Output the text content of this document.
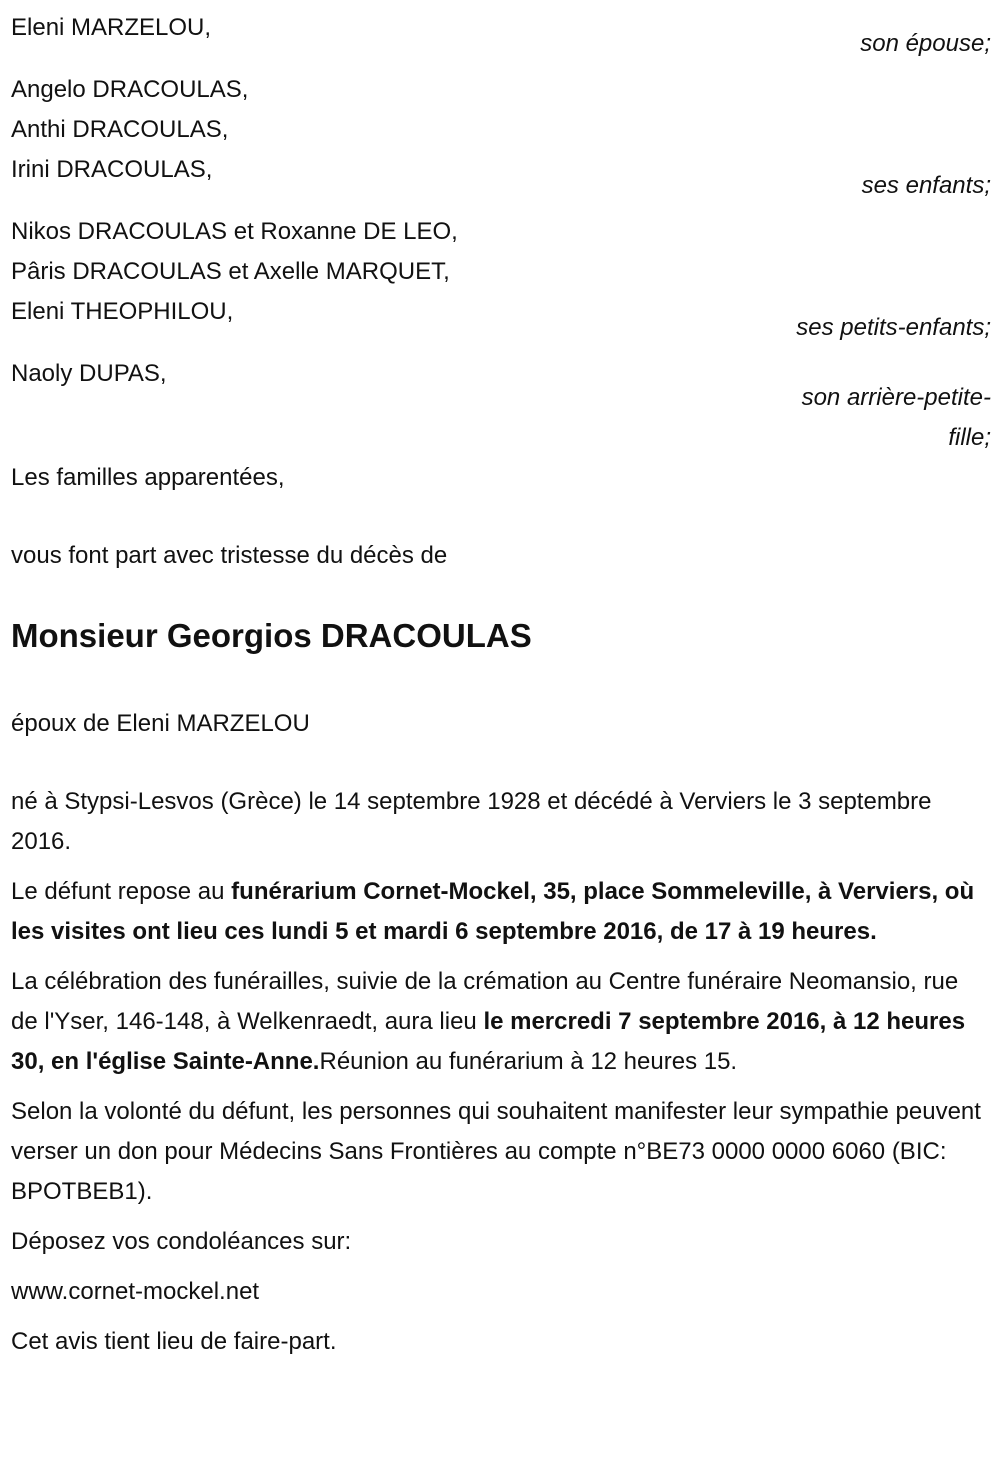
Eleni MARZELOU,
son épouse;
Angelo DRACOULAS,
Anthi DRACOULAS,
Irini DRACOULAS,
ses enfants;
Nikos DRACOULAS et Roxanne DE LEO,
Pâris DRACOULAS et Axelle MARQUET,
Eleni THEOPHILOU,
ses petits-enfants;
Naoly DUPAS,
son arrière-petite-
fille;
Les familles apparentées,
vous font part avec tristesse du décès de
Monsieur Georgios DRACOULAS
époux de Eleni MARZELOU

né à Stypsi-Lesvos (Grèce) le 14 septembre 1928 et décédé à Verviers le 3 septembre 2016.

Le défunt repose au funérarium Cornet-Mockel, 35, place Sommeleville, à Verviers, où les visites ont lieu ces lundi 5 et mardi 6 septembre 2016, de 17 à 19 heures.

La célébration des funérailles, suivie de la crémation au Centre funéraire Neomansio, rue de l'Yser, 146-148, à Welkenraedt, aura lieu le mercredi 7 septembre 2016, à 12 heures 30, en l'église Sainte-Anne.Réunion au funérarium à 12 heures 15.

Selon la volonté du défunt, les personnes qui souhaitent manifester leur sympathie peuvent verser un don pour Médecins Sans Frontières au compte n°BE73 0000 0000 6060 (BIC: BPOTBEB1).

Déposez vos condoléances sur:

www.cornet-mockel.net

Cet avis tient lieu de faire-part.
